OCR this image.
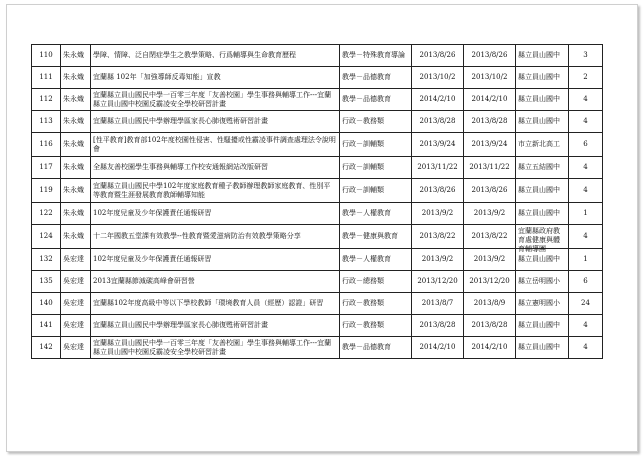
110	朱永熾	學障、情障、泛自閉症學生之教學策略、行爲輔導與生命教育歷程	教學－特殊教育導論	2013/8/26	2013/8/26	縣立員山國中	3

111	朱永熾	宜蘭縣 102年「加強導師反毒知能」宣教	教學－品德教育	2013/10/2	2013/10/2	縣立員山國中	2

112	朱永熾	宜蘭縣立員山國民中學一百零三年度「友善校園」學生事務與輔導工作---宜蘭縣立員山國中校園反霸凌安全學校研習計畫	教學－品德教育	2014/2/10	2014/2/10	縣立員山國中	4

113	朱永熾	宜蘭縣立員山國民中學辦理學區家長心肺復甦術研習計畫	行政－教務類	2013/8/28	2013/8/28	縣立員山國中	4

116	朱永熾	[性平教育]教育部102年度校園性侵害、性騷擾或性霸凌事件調查處理法令說明會	行政－訓輔類	2013/9/24	2013/9/24	市立新北高工	6

117	朱永熾	全縣友善校園學生事務與輔導工作校安通報網站改版研習	行政－訓輔類	2013/11/22	2013/11/22	縣立五結國中	4

119	朱永熾	宜蘭縣立員山國民中學102年度家庭教育種子教師辦理教師家庭教育、性別平等教育暨生涯發展教育教師輔導知能	行政－訓輔類	2013/8/26	2013/8/26	縣立員山國中	4

122	朱永熾	102年度兒童及少年保護責任通報研習	教學－人權教育	2013/9/2	2013/9/2	縣立員山國中	1

124	朱永熾	十二年國教五堂課有效教學--性教育暨愛滋病防治有效教學策略分享	教學－健康與教育	2013/8/22	2013/8/22	宜蘭縣政府教育處健康與體育輔導團	4

132	吳宏達	102年度兒童及少年保護責任通報研習	教學－人權教育	2013/9/2	2013/9/2	縣立員山國中	1

135	吳宏達	2013宜蘭縣節減碳高峰會研習營	行政－總務類	2013/12/20	2013/12/20	縣立岳明國小	6

140	吳宏達	宜蘭縣102年度高級中等以下學校教師「環境教育人員（經歷）認證」研習	行政－教務類	2013/8/7	2013/8/9	縣立憲明國小	24

141	吳宏達	宜蘭縣立員山國民中學辦理學區家長心肺復甦術研習計畫	行政－教務類	2013/8/28	2013/8/28	縣立員山國中	4

142	吳宏達	宜蘭縣立員山國民中學一百零三年度「友善校園」學生事務與輔導工作---宜蘭縣立員山國中校園反霸凌安全學校研習計畫	教學－品德教育	2014/2/10	2014/2/10	縣立員山國中	4
